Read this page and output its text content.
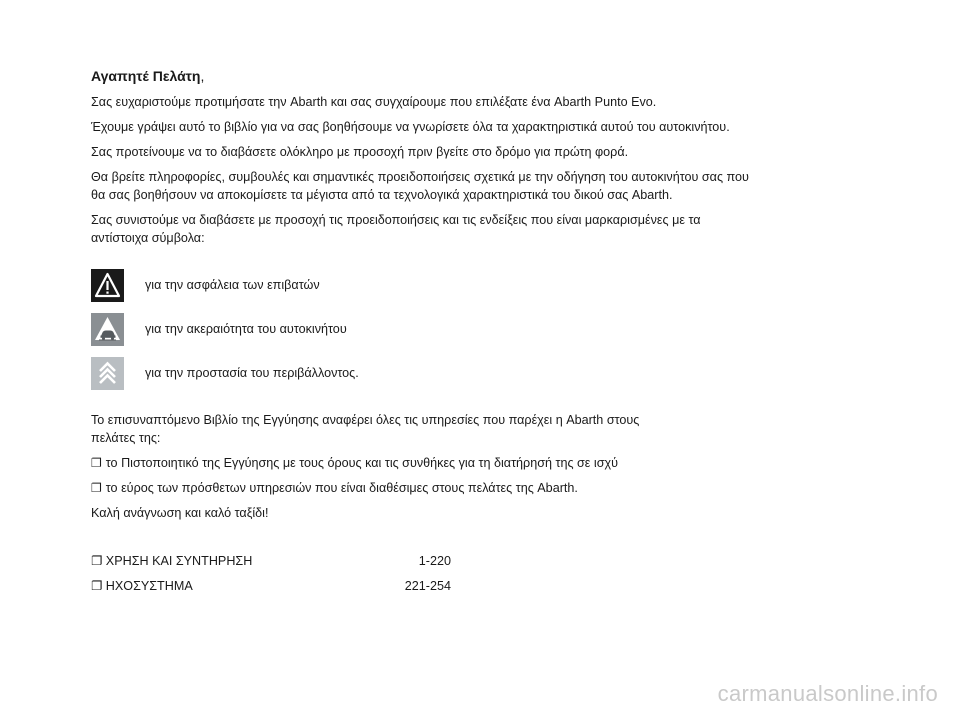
Αγαπητέ Πελάτη,

Σας ευχαριστούμε προτιμήσατε την Abarth και σας συγχαίρουμε που επιλέξατε ένα Abarth Punto Evo.

Έχουμε γράψει αυτό το βιβλίο για να σας βοηθήσουμε να γνωρίσετε όλα τα χαρακτηριστικά αυτού του αυτοκινήτου.

Σας προτείνουμε να το διαβάσετε ολόκληρο με προσοχή πριν βγείτε στο δρόμο για πρώτη φορά.

Θα βρείτε πληροφορίες, συμβουλές και σημαντικές προειδοποιήσεις σχετικά με την οδήγηση του αυτοκινήτου σας που
θα σας βοηθήσουν να αποκομίσετε τα μέγιστα από τα τεχνολογικά χαρακτηριστικά του δικού σας Abarth.
Σας συνιστούμε να διαβάσετε με προσοχή τις προειδοποιήσεις και τις ενδείξεις που είναι μαρκαρισμένες με τα
αντίστοιχα σύμβολα:
για την ασφάλεια των επιβατών
για την ακεραιότητα του αυτοκινήτου
για την προστασία του περιβάλλοντος.
Το επισυναπτόμενο Βιβλίο της Εγγύησης αναφέρει όλες τις υπηρεσίες που παρέχει η Abarth στους
πελάτες της:

❐ το Πιστοποιητικό της Εγγύησης με τους όρους και τις συνθήκες για τη διατήρησή της σε ισχύ

❐ το εύρος των πρόσθετων υπηρεσιών που είναι διαθέσιμες στους πελάτες της Abarth.

Καλή ανάγνωση και καλό ταξίδι!

❐ ΧΡΗΣΗ ΚΑΙ ΣΥΝΤΗΡΗΣΗ	1-220
❐ ΗΧΟΣΥΣΤΗΜΑ	221-254
carmanualsonline.info
